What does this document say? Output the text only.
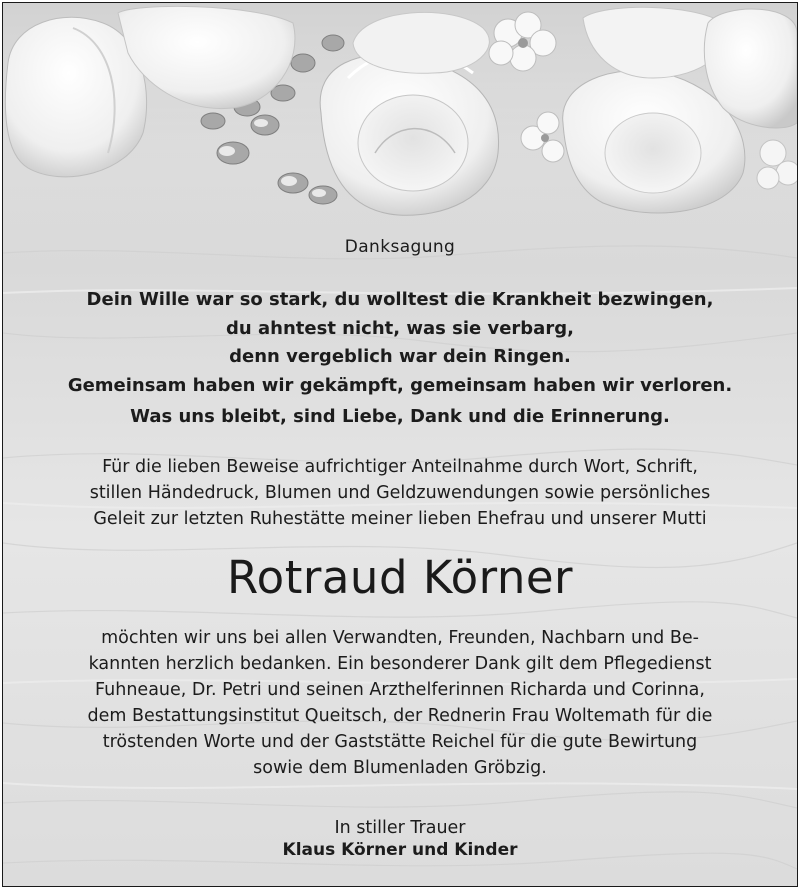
Danksagung
Dein Wille war so stark, du wolltest die Krankheit bezwingen,
du ahntest nicht, was sie verbarg,
denn vergeblich war dein Ringen.
Gemeinsam haben wir gekämpft, gemeinsam haben wir verloren.
Was uns bleibt, sind Liebe, Dank und die Erinnerung.
Für die lieben Beweise aufrichtiger Anteilnahme durch Wort, Schrift,
stillen Händedruck, Blumen und Geldzuwendungen sowie persönliches
Geleit zur letzten Ruhestätte meiner lieben Ehefrau und unserer Mutti
Rotraud Körner
möchten wir uns bei allen Verwandten, Freunden, Nachbarn und Be-
kannten herzlich bedanken. Ein besonderer Dank gilt dem Pflegedienst
Fuhneaue, Dr. Petri und seinen Arzthelferinnen Richarda und Corinna,
dem Bestattungsinstitut Queitsch, der Rednerin Frau Woltemath für die
tröstenden Worte und der Gaststätte Reichel für die gute Bewirtung
sowie dem Blumenladen Gröbzig.
In stiller Trauer
Klaus Körner und Kinder
